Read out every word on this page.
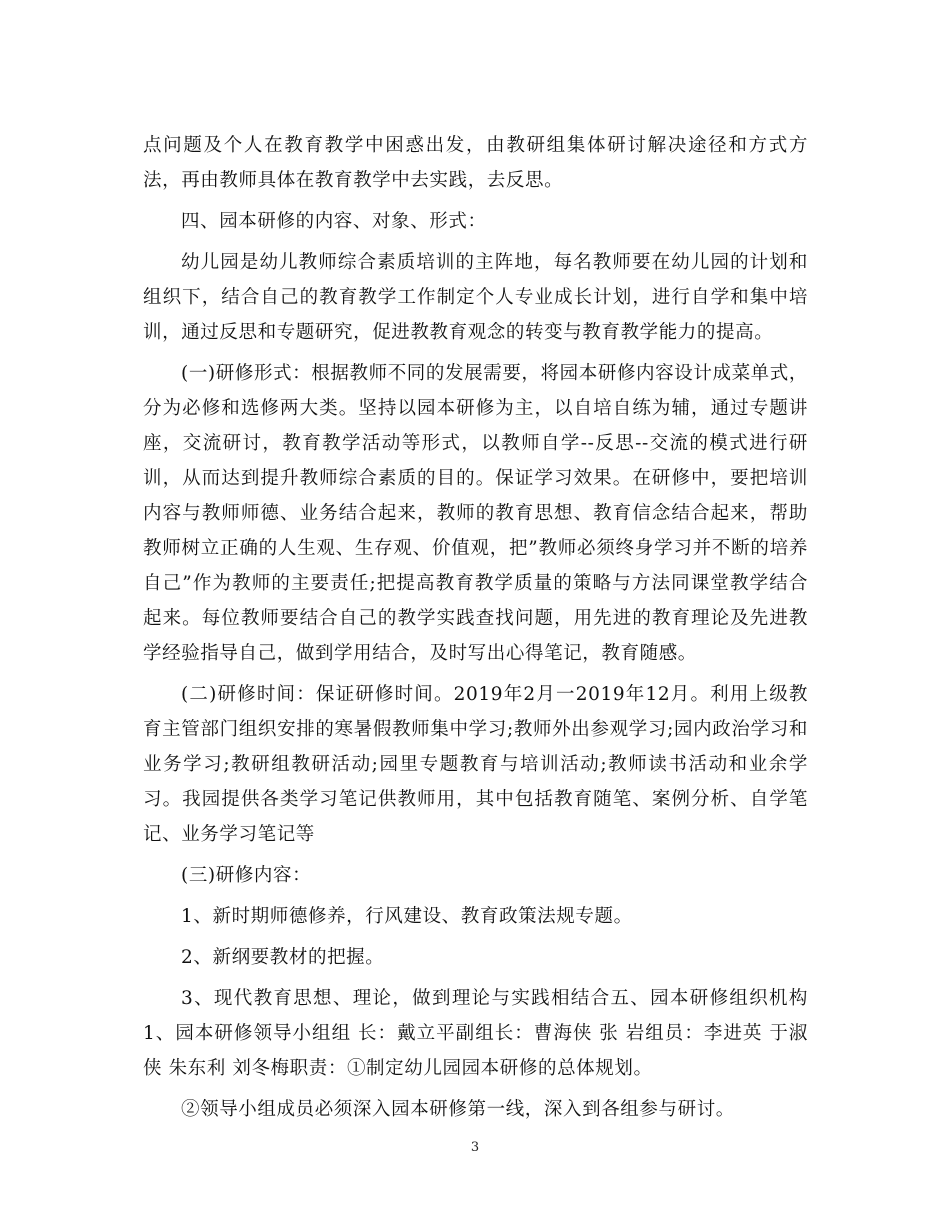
点问题及个人在教育教学中困惑出发，由教研组集体研讨解决途径和方式方法，再由教师具体在教育教学中去实践，去反思。

四、园本研修的内容、对象、形式：

幼儿园是幼儿教师综合素质培训的主阵地，每名教师要在幼儿园的计划和组织下，结合自己的教育教学工作制定个人专业成长计划，进行自学和集中培训，通过反思和专题研究，促进教教育观念的转变与教育教学能力的提高。

(一)研修形式：根据教师不同的发展需要，将园本研修内容设计成菜单式，分为必修和选修两大类。坚持以园本研修为主，以自培自练为辅，通过专题讲座，交流研讨，教育教学活动等形式，以教师自学--反思--交流的模式进行研训，从而达到提升教师综合素质的目的。保证学习效果。在研修中，要把培训内容与教师师德、业务结合起来，教师的教育思想、教育信念结合起来，帮助教师树立正确的人生观、生存观、价值观，把”教师必须终身学习并不断的培养自己”作为教师的主要责任;把提高教育教学质量的策略与方法同课堂教学结合起来。每位教师要结合自己的教学实践查找问题，用先进的教育理论及先进教学经验指导自己，做到学用结合，及时写出心得笔记，教育随感。

(二)研修时间：保证研修时间。2019年2月一2019年12月。利用上级教育主管部门组织安排的寒暑假教师集中学习;教师外出参观学习;园内政治学习和业务学习;教研组教研活动;园里专题教育与培训活动;教师读书活动和业余学习。我园提供各类学习笔记供教师用，其中包括教育随笔、案例分析、自学笔记、业务学习笔记等

(三)研修内容：

1、新时期师德修养，行风建设、教育政策法规专题。

2、新纲要教材的把握。

3、现代教育思想、理论，做到理论与实践相结合五、园本研修组织机构1、园本研修领导小组组 长：戴立平副组长：曹海侠 张 岩组员：李进英 于淑侠 朱东利 刘冬梅职责：①制定幼儿园园本研修的总体规划。

②领导小组成员必须深入园本研修第一线，深入到各组参与研讨。

3
